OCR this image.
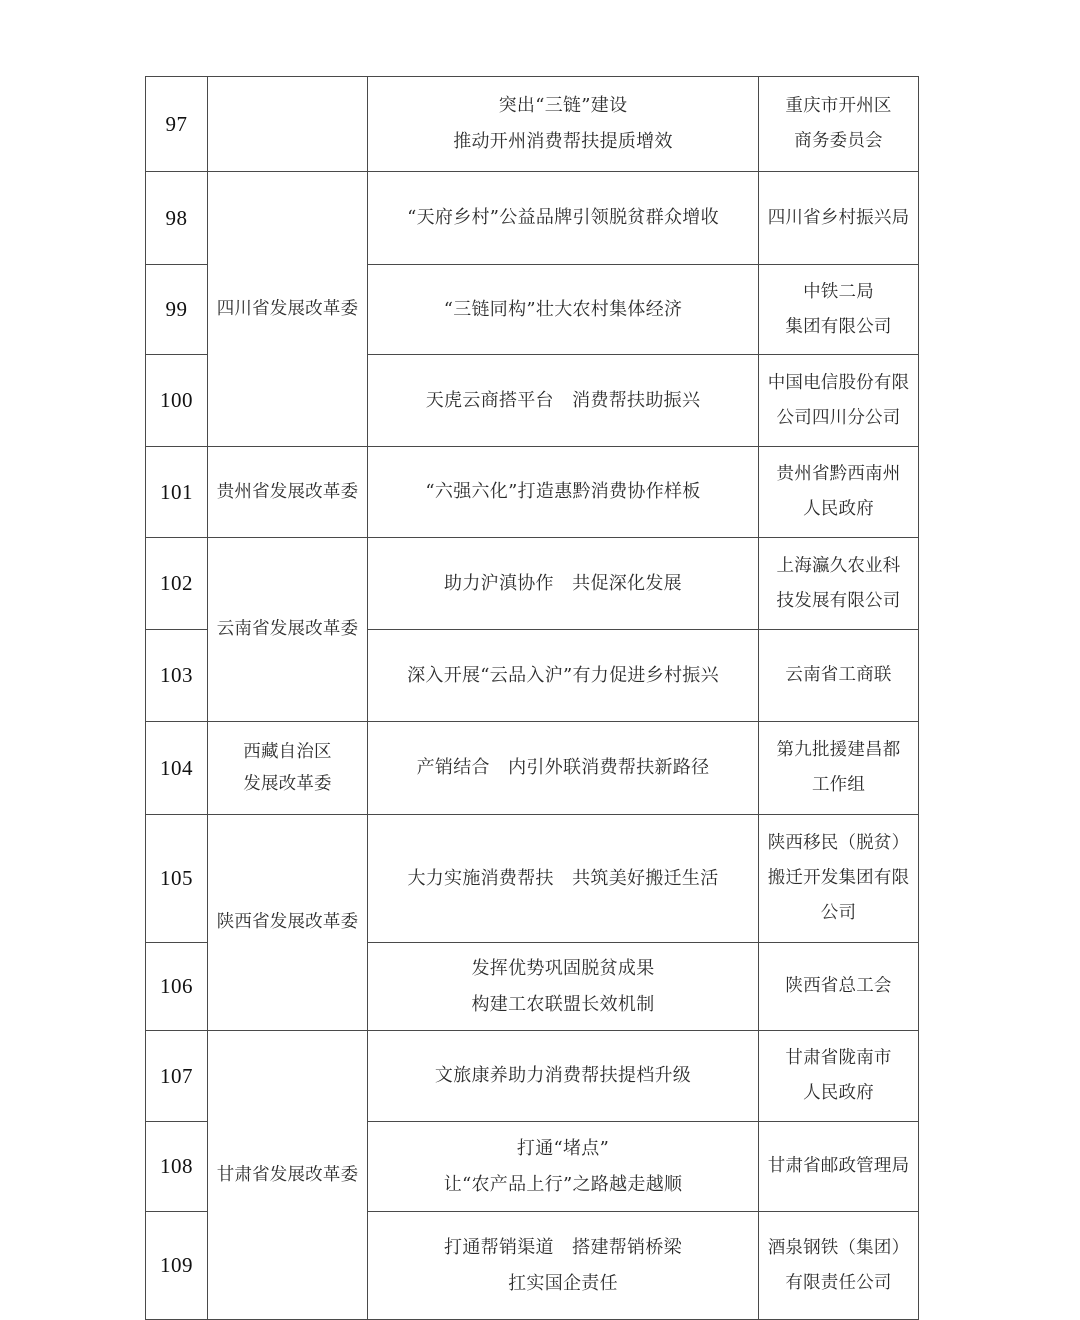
97		突出“三链”建设
推动开州消费帮扶提质增效	重庆市开州区
商务委员会

98	四川省发展改革委	“天府乡村”公益品牌引领脱贫群众增收	四川省乡村振兴局

99		“三链同构”壮大农村集体经济	中铁二局
集团有限公司

100		天虎云商搭平台　消费帮扶助振兴	中国电信股份有限
公司四川分公司

101	贵州省发展改革委	“六强六化”打造惠黔消费协作样板	贵州省黔西南州
人民政府

102	云南省发展改革委	助力沪滇协作　共促深化发展	上海瀛久农业科
技发展有限公司

103		深入开展“云品入沪”有力促进乡村振兴	云南省工商联

104	西藏自治区
发展改革委	产销结合　内引外联消费帮扶新路径	第九批援建昌都
工作组

105	陕西省发展改革委	大力实施消费帮扶　共筑美好搬迁生活	陕西移民（脱贫）
搬迁开发集团有限
公司

106		发挥优势巩固脱贫成果
构建工农联盟长效机制	陕西省总工会

107	甘肃省发展改革委	文旅康养助力消费帮扶提档升级	甘肃省陇南市
人民政府

108		打通“堵点”
让“农产品上行”之路越走越顺	甘肃省邮政管理局

109		打通帮销渠道　搭建帮销桥梁
扛实国企责任	酒泉钢铁（集团）
有限责任公司
